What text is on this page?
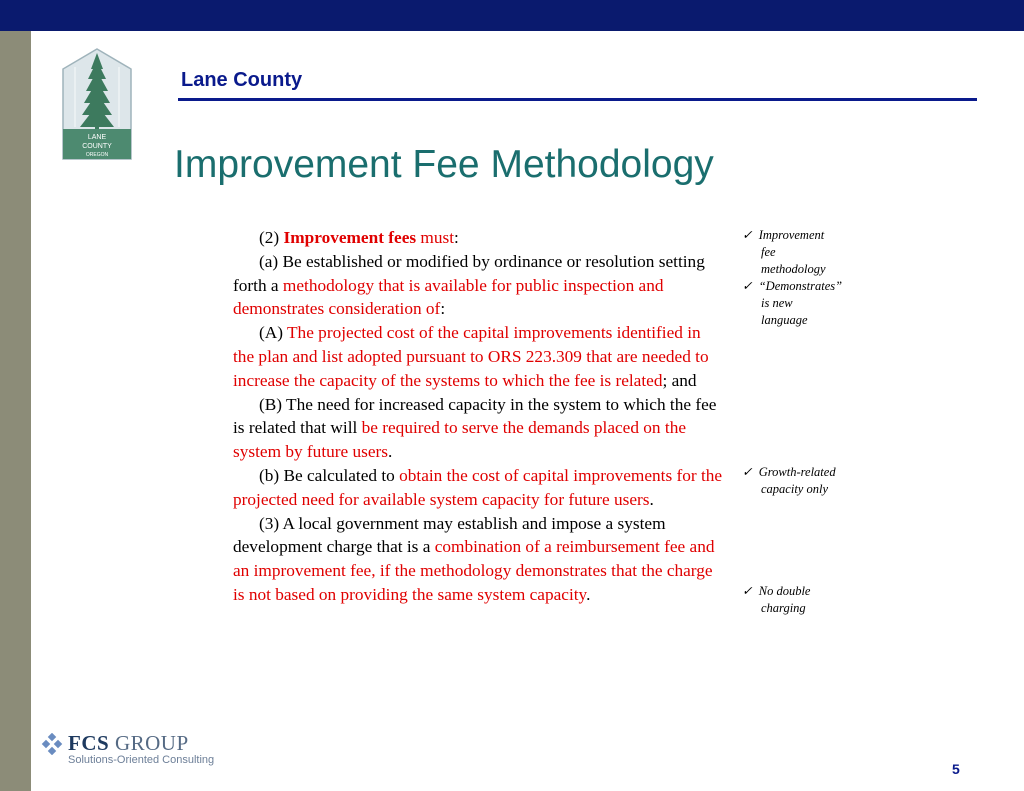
LANE
COUNTY
OREGON
Lane County
Improvement Fee Methodology

(2) Improvement fees must:

(a) Be established or modified by ordinance or resolution setting forth a methodology that is available for public inspection and demonstrates consideration of:

(A) The projected cost of the capital improvements identified in the plan and list adopted pursuant to ORS 223.309 that are needed to increase the capacity of the systems to which the fee is related; and

(B) The need for increased capacity in the system to which the fee is related that will be required to serve the demands placed on the system by future users.

(b) Be calculated to obtain the cost of capital improvements for the projected need for available system capacity for future users.

(3) A local government may establish and impose a system development charge that is a combination of a reimbursement fee and an improvement fee, if the methodology demonstrates that the charge is not based on providing the same system capacity.

✓ Improvement
fee
methodology
✓ “Demonstrates”
is new
language
✓ Growth-related
capacity only
✓ No double
charging
FCS GROUP
Solutions-Oriented Consulting
5
